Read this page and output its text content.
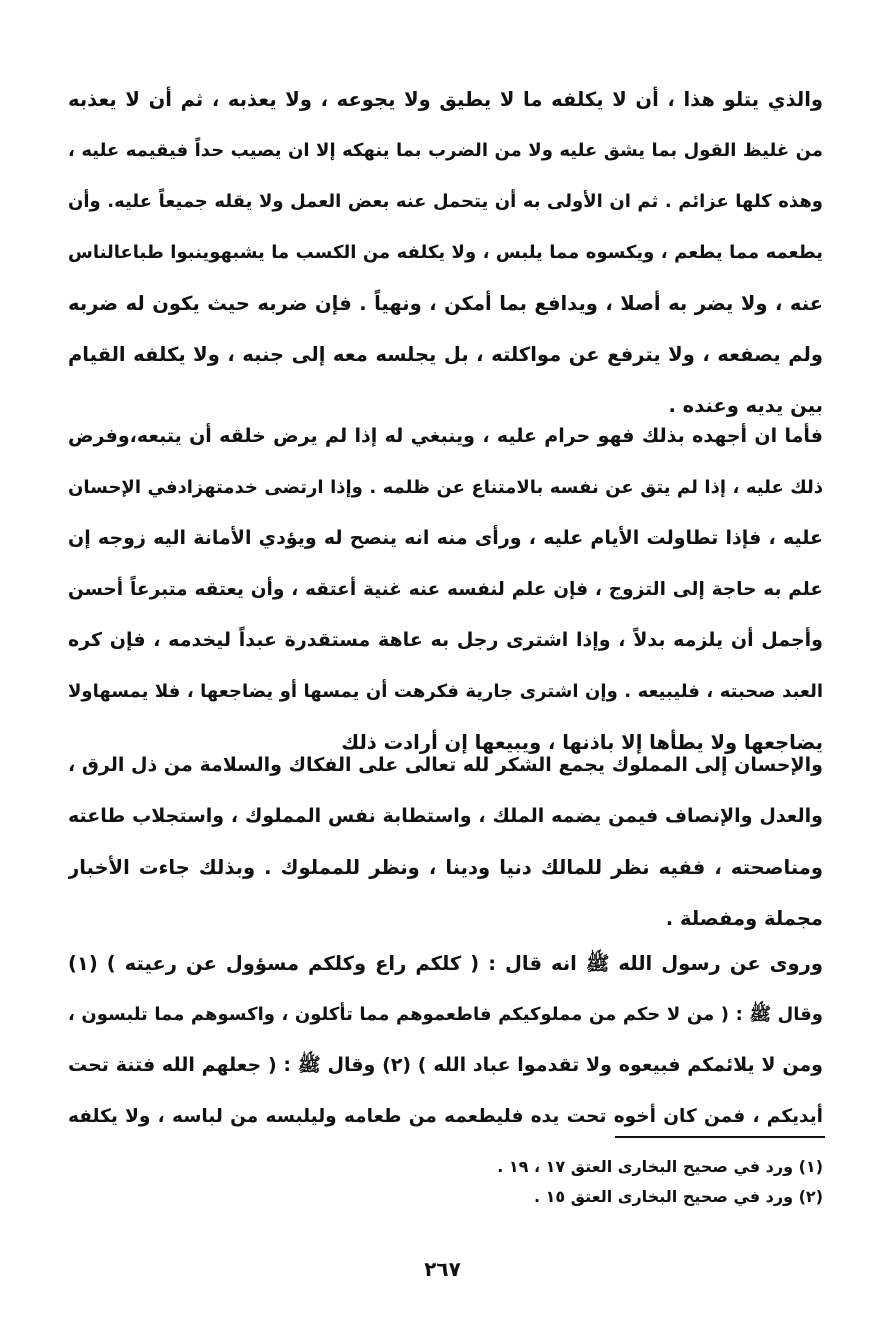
والذي يتلو هذا ، أن لا يكلفه ما لا يطيق ولا يجوعه ، ولا يعذبه ، ثم أن لا يعذبه
من غليظ القول بما يشق عليه ولا من الضرب بما ينهكه إلا ان يصيب حداً فيقيمه عليه ،
وهذه كلها عزائم . ثم ان الأولى به أن يتحمل عنه بعض العمل ولا يقله جميعاً عليه. وأن
يطعمه مما يطعم ، ويكسوه مما يلبس ، ولا يكلفه من الكسب ما يشبهوينبوا طباعالناس
عنه ، ولا يضر به أصلا ، ويدافع بما أمكن ، ونهياً . فإن ضربه حيث يكون له ضربه
ولم يصفعه ، ولا يترفع عن مواكلته ، بل يجلسه معه إلى جنبه ، ولا يكلفه القيام
بين يديه وعنده .
فأما ان أجهده بذلك فهو حرام عليه ، وينبغي له إذا لم يرض خلقه أن يتبعه،وفرض
ذلك عليه ، إذا لم يتق عن نفسه بالامتناع عن ظلمه . وإذا ارتضى خدمتهزادفي الإحسان
عليه ، فإذا تطاولت الأيام عليه ، ورأى منه انه ينصح له ويؤدي الأمانة اليه زوجه إن
علم به حاجة إلى التزوج ، فإن علم لنفسه عنه غنية أعتقه ، وأن يعتقه متبرعاً أحسن
وأجمل أن يلزمه بدلاً ، وإذا اشترى رجل به عاهة مستقدرة عبداً ليخدمه ، فإن كره
العبد صحبته ، فليبيعه . وإن اشترى جارية فكرهت أن يمسها أو يضاجعها ، فلا يمسهاولا
يضاجعها ولا يطأها إلا باذنها ، ويبيعها إن أرادت ذلك
والإحسان إلى المملوك يجمع الشكر لله تعالى على الفكاك والسلامة من ذل الرق ،
والعدل والإنصاف فيمن يضمه الملك ، واستطابة نفس المملوك ، واستجلاب طاعته
ومناصحته ، ففيه نظر للمالك دنيا ودينا ، ونظر للمملوك . وبذلك جاءت الأخبار
مجملة ومفصلة .
وروى عن رسول الله ﷺ انه قال : ( كلكم راع وكلكم مسؤول عن رعيته ) (١)
وقال ﷺ : ( من لا حكم من مملوكيكم فاطعموهم مما تأكلون ، واكسوهم مما تلبسون ،
ومن لا يلائمكم فبيعوه ولا تقدموا عباد الله ) (٢) وقال ﷺ : ( جعلهم الله فتنة تحت
أيديكم ، فمن كان أخوه تحت يده فليطعمه من طعامه وليلبسه من لباسه ، ولا يكلفه
(١) ورد في صحيح البخارى العتق ١٧ ، ١٩ .
(٢) ورد في صحيح البخارى العتق ١٥ .
٢٦٧
